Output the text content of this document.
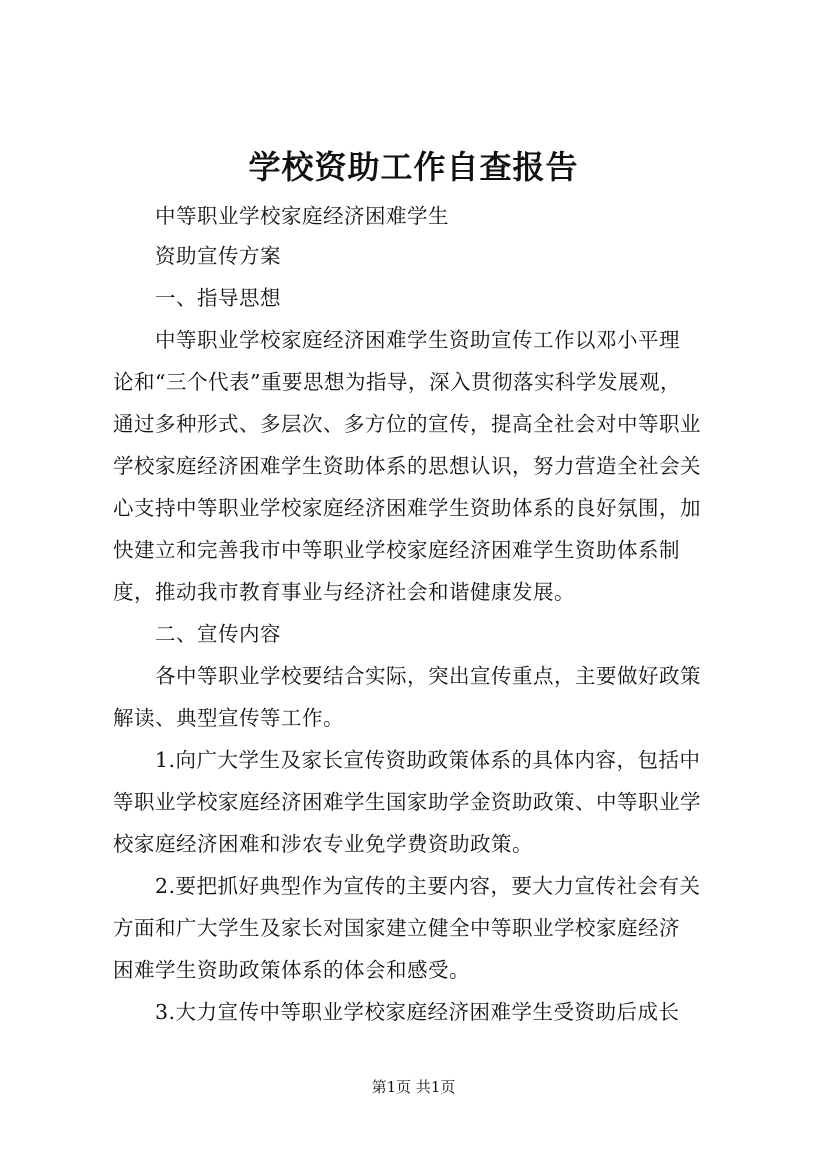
学校资助工作自查报告
中等职业学校家庭经济困难学生
资助宣传方案
一、指导思想
中等职业学校家庭经济困难学生资助宣传工作以邓小平理
论和“三个代表”重要思想为指导，深入贯彻落实科学发展观，
通过多种形式、多层次、多方位的宣传，提高全社会对中等职业
学校家庭经济困难学生资助体系的思想认识，努力营造全社会关
心支持中等职业学校家庭经济困难学生资助体系的良好氛围，加
快建立和完善我市中等职业学校家庭经济困难学生资助体系制
度，推动我市教育事业与经济社会和谐健康发展。
二、宣传内容
各中等职业学校要结合实际，突出宣传重点，主要做好政策
解读、典型宣传等工作。
1.向广大学生及家长宣传资助政策体系的具体内容，包括中
等职业学校家庭经济困难学生国家助学金资助政策、中等职业学
校家庭经济困难和涉农专业免学费资助政策。
2.要把抓好典型作为宣传的主要内容，要大力宣传社会有关
方面和广大学生及家长对国家建立健全中等职业学校家庭经济
困难学生资助政策体系的体会和感受。
3.大力宣传中等职业学校家庭经济困难学生受资助后成长
第1页 共1页
